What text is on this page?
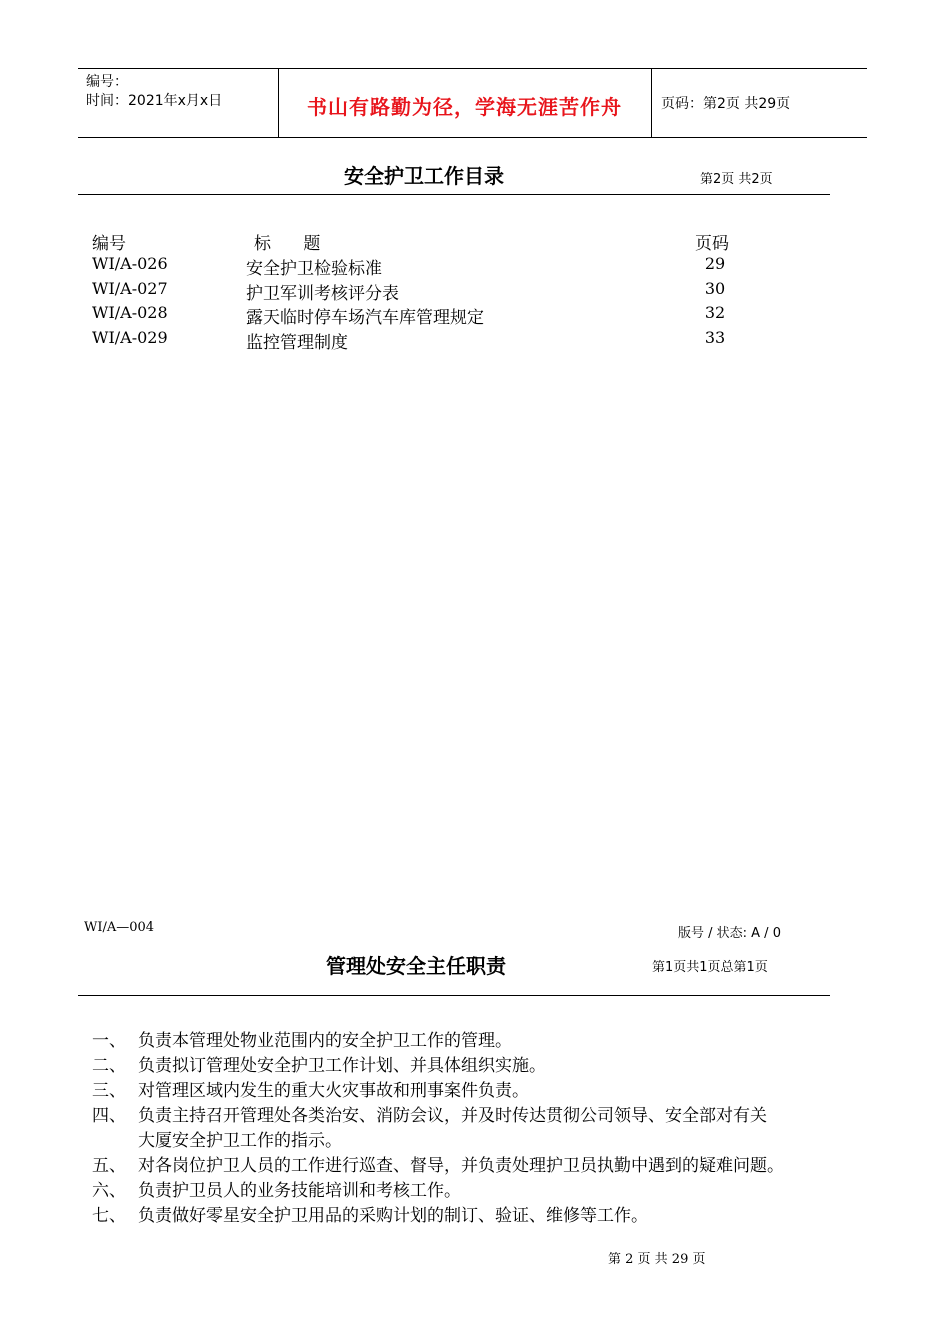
编号：
时间：2021年x月x日	书山有路勤为径，学海无涯苦作舟	页码：第2页 共29页
安全护卫工作目录	第2页 共2页
编号	标      题	页码
WI/A-026	安全护卫检验标准	29
WI/A-027	护卫军训考核评分表	30
WI/A-028	露天临时停车场汽车库管理规定	32
WI/A-029	监控管理制度	33
WI/A—004	版号 / 状态: A / 0
管理处安全主任职责	第1页共1页总第1页
一、 负责本管理处物业范围内的安全护卫工作的管理。
二、 负责拟订管理处安全护卫工作计划、并具体组织实施。
三、 对管理区域内发生的重大火灾事故和刑事案件负责。
四、 负责主持召开管理处各类治安、消防会议，并及时传达贯彻公司领导、安全部对有关
大厦安全护卫工作的指示。
五、 对各岗位护卫人员的工作进行巡查、督导，并负责处理护卫员执勤中遇到的疑难问题。
六、 负责护卫员人的业务技能培训和考核工作。
七、 负责做好零星安全护卫用品的采购计划的制订、验证、维修等工作。
第 2 页 共 29 页
